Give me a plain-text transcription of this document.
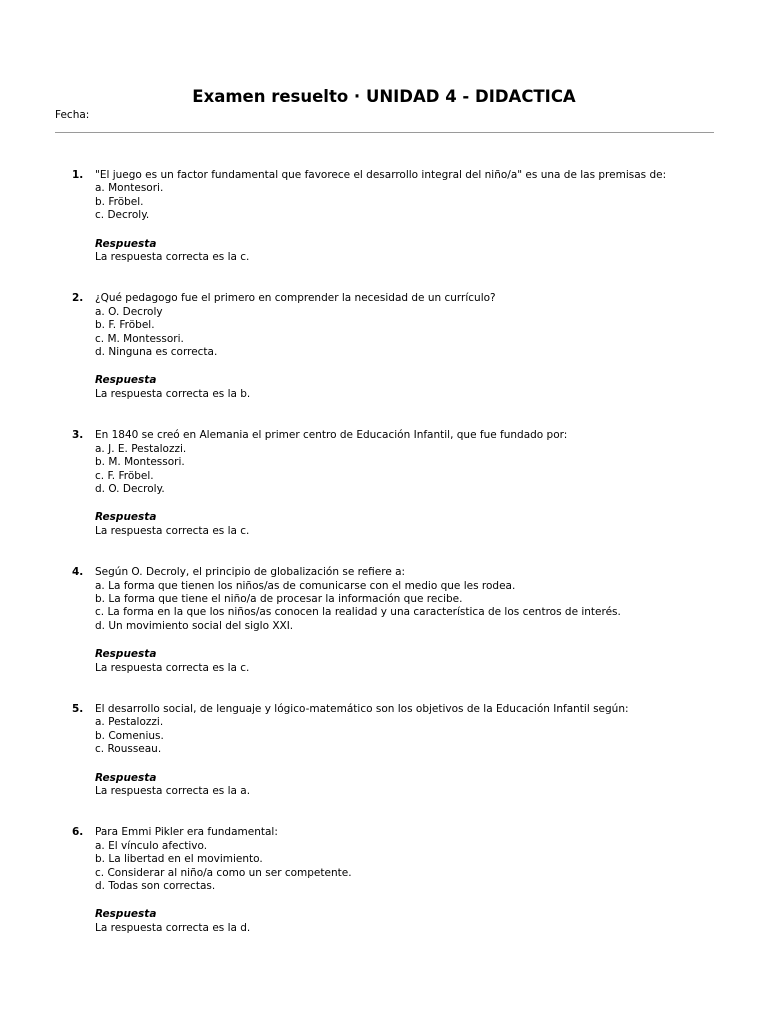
Examen resuelto · UNIDAD 4 - DIDACTICA
Fecha:
1. "El juego es un factor fundamental que favorece el desarrollo integral del niño/a" es una de las premisas de:
a. Montesori.
b. Fröbel.
c. Decroly.
Respuesta
La respuesta correcta es la c.
2. ¿Qué pedagogo fue el primero en comprender la necesidad de un currículo?
a. O. Decroly
b. F. Fröbel.
c. M. Montessori.
d. Ninguna es correcta.
Respuesta
La respuesta correcta es la b.
3. En 1840 se creó en Alemania el primer centro de Educación Infantil, que fue fundado por:
a. J. E. Pestalozzi.
b. M. Montessori.
c. F. Fröbel.
d. O. Decroly.
Respuesta
La respuesta correcta es la c.
4. Según O. Decroly, el principio de globalización se refiere a:
a. La forma que tienen los niños/as de comunicarse con el medio que les rodea.
b. La forma que tiene el niño/a de procesar la información que recibe.
c. La forma en la que los niños/as conocen la realidad y una característica de los centros de interés.
d. Un movimiento social del siglo XXI.
Respuesta
La respuesta correcta es la c.
5. El desarrollo social, de lenguaje y lógico-matemático son los objetivos de la Educación Infantil según:
a. Pestalozzi.
b. Comenius.
c. Rousseau.
Respuesta
La respuesta correcta es la a.
6. Para Emmi Pikler era fundamental:
a. El vínculo afectivo.
b. La libertad en el movimiento.
c. Considerar al niño/a como un ser competente.
d. Todas son correctas.
Respuesta
La respuesta correcta es la d.
